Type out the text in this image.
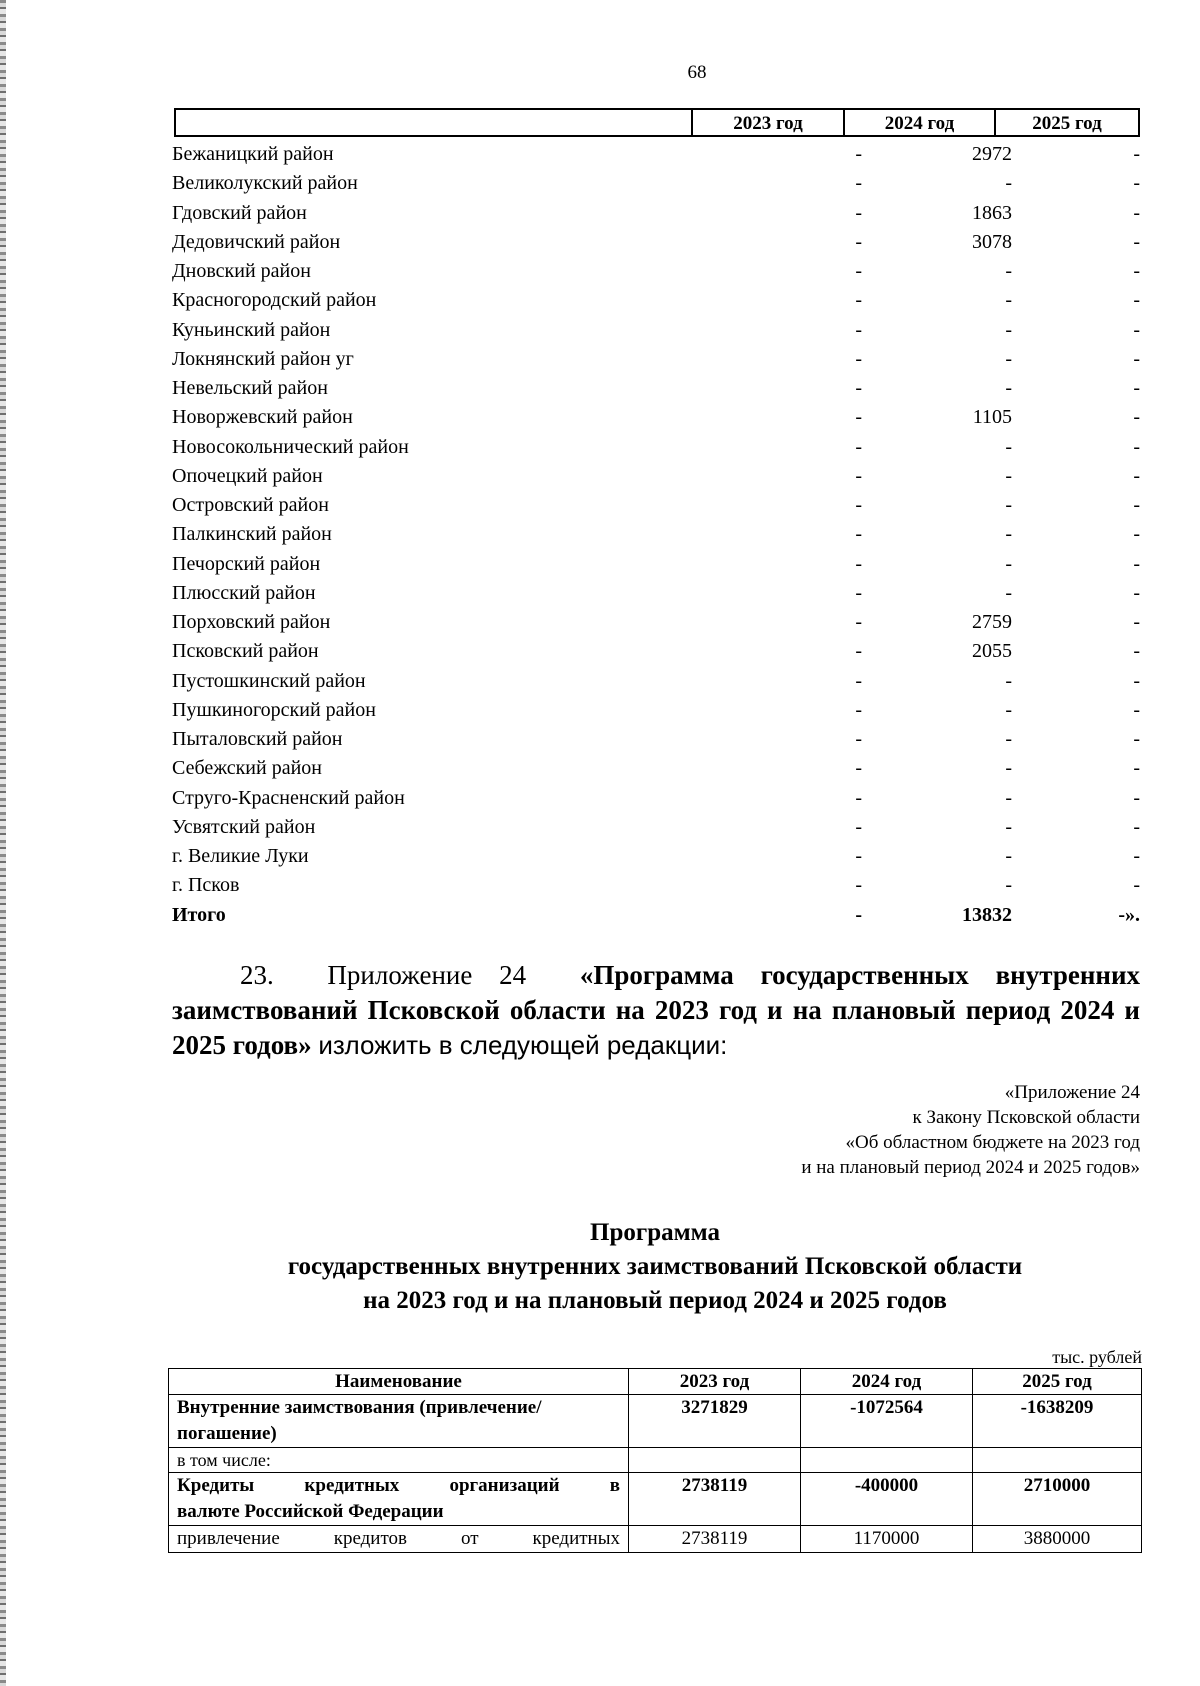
68
2023 год	2024 год	2025 год
Бежаницкий район	-	2972	-
Великолукский район	-	-	-
Гдовский район	-	1863	-
Дедовичский район	-	3078	-
Дновский район	-	-	-
Красногородский район	-	-	-
Куньинский район	-	-	-
Локнянский район уг	-	-	-
Невельский район	-	-	-
Новоржевский район	-	1105	-
Новосокольнический район	-	-	-
Опочецкий район	-	-	-
Островский район	-	-	-
Палкинский район	-	-	-
Печорский район	-	-	-
Плюсский район	-	-	-
Порховский район	-	2759	-
Псковский район	-	2055	-
Пустошкинский район	-	-	-
Пушкиногорский район	-	-	-
Пыталовский район	-	-	-
Себежский район	-	-	-
Струго-Красненский район	-	-	-
Усвятский район	-	-	-
г. Великие Луки	-	-	-
г. Псков	-	-	-
Итого	-	13832	-».
23. Приложение 24 «Программа государственных внутренних заимствований Псковской области на 2023 год и на плановый период 2024 и 2025 годов» изложить в следующей редакции:
«Приложение 24
к Закону Псковской области
«Об областном бюджете на 2023 год
и на плановый период 2024 и 2025 годов»
Программа
государственных внутренних заимствований Псковской области
на 2023 год и на плановый период 2024 и 2025 годов
тыс. рублей
Наименование	2023 год	2024 год	2025 год
Внутренние заимствования (привлечение/погашение)	3271829	-1072564	-1638209
в том числе:			

Кредиты кредитных организаций в
валюте Российской Федерации	2738119	-400000	2710000
привлечение кредитов от кредитных	2738119	1170000	3880000
